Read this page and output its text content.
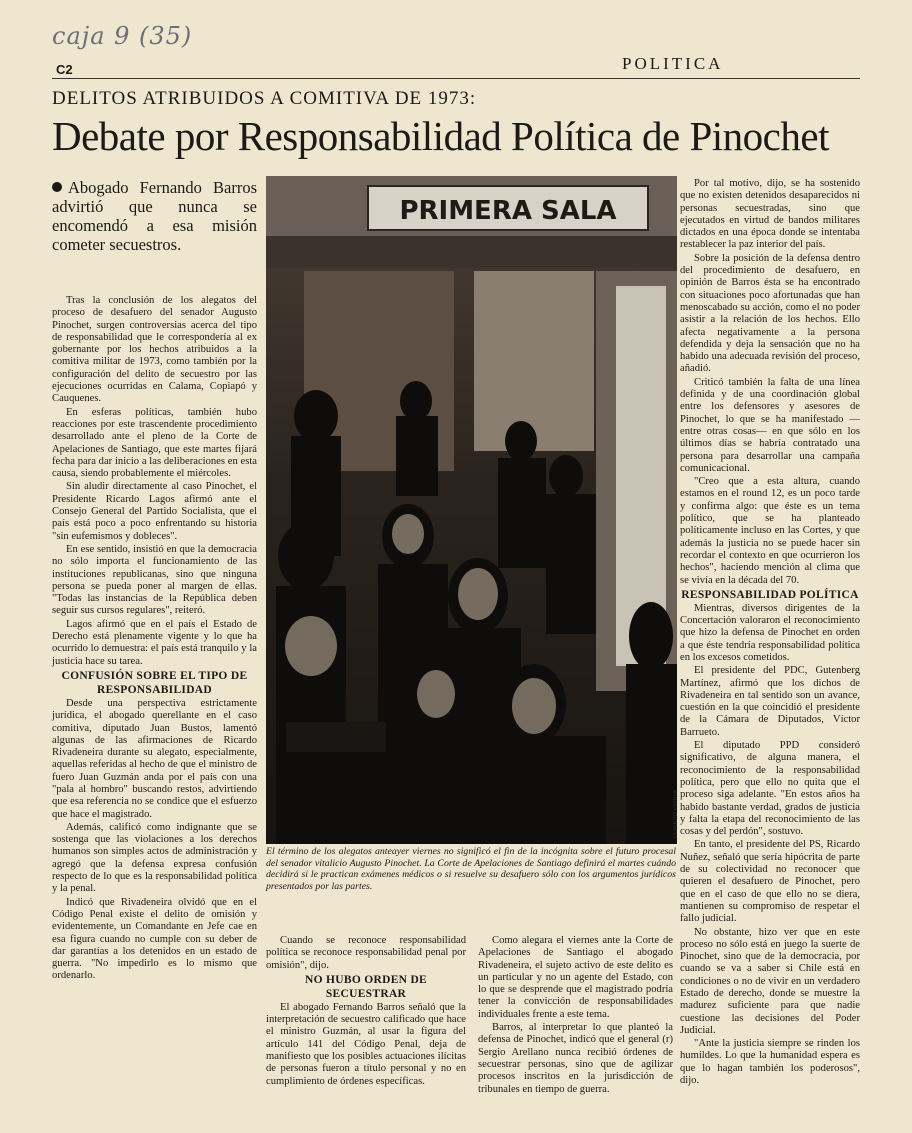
caja 9 (35)
C2	POLITICA
DELITOS ATRIBUIDOS A COMITIVA DE 1973:
Debate por Responsabilidad Política de Pinochet
Abogado Fernando Barros advirtió que nunca se encomendó a esa misión cometer secuestros.

Tras la conclusión de los alegatos del proceso de desafuero del senador Augusto Pinochet, surgen controversias acerca del tipo de responsabilidad que le correspondería al ex gobernante por los hechos atribuidos a la comitiva militar de 1973, como también por la configuración del delito de secuestro por las ejecuciones ocurridas en Calama, Copiapó y Cauquenes.

En esferas políticas, también hubo reacciones por este trascendente procedimiento desarrollado ante el pleno de la Corte de Apelaciones de Santiago, que este martes fijará fecha para dar inicio a las deliberaciones en esta causa, siendo probablemente el miércoles.

Sin aludir directamente al caso Pinochet, el Presidente Ricardo Lagos afirmó ante el Consejo General del Partido Socialista, que el país está poco a poco enfrentando su historia "sin eufemismos y dobleces".

En ese sentido, insistió en que la democracia no sólo importa el funcionamiento de las instituciones republicanas, sino que ninguna persona se pueda poner al margen de ellas. "Todas las instancias de la República deben seguir sus cursos regulares", reiteró.

Lagos afirmó que en el país el Estado de Derecho está plenamente vigente y lo que ha ocurrido lo demuestra: el país está tranquilo y la justicia hace su tarea.

CONFUSIÓN SOBRE EL TIPO DE RESPONSABILIDAD

Desde una perspectiva estrictamente jurídica, el abogado querellante en el caso comitiva, diputado Juan Bustos, lamentó algunas de las afirmaciones de Ricardo Rivadeneira durante su alegato, especialmente, aquellas referidas al hecho de que el ministro de fuero Juan Guzmán anda por el país con una "pala al hombro" buscando restos, advirtiendo que esa referencia no se condice que el esfuerzo que hace el magistrado.

Además, calificó como indignante que se sostenga que las violaciones a los derechos humanos son simples actos de administración y agregó que la defensa expresa confusión respecto de lo que es la responsabilidad política y la penal.

Indicó que Rivadeneira olvidó que en el Código Penal existe el delito de omisión y evidentemente, un Comandante en Jefe cae en esa figura cuando no cumple con su deber de dar garantías a los detenidos en un estado de guerra. "No impedirlo es lo mismo que ordenarlo.

PRIMERA SALA
CLAUDIO PARRA
El término de los alegatos anteayer viernes no significó el fin de la incógnita sobre el futuro procesal del senador vitalicio Augusto Pinochet. La Corte de Apelaciones de Santiago definirá el martes cuándo decidirá si le practican exámenes médicos o si resuelve su desafuero sólo con los argumentos jurídicos presentados por las partes.

Cuando se reconoce responsabilidad política se reconoce responsabilidad penal por omisión", dijo.

NO HUBO ORDEN DE SECUESTRAR

El abogado Fernando Barros señaló que la interpretación de secuestro calificado que hace el ministro Guzmán, al usar la figura del artículo 141 del Código Penal, deja de manifiesto que los posibles actuaciones ilícitas de personas fueron a título personal y no en cumplimiento de órdenes específicas.

Como alegara el viernes ante la Corte de Apelaciones de Santiago el abogado Rivadeneira, el sujeto activo de este delito es un particular y no un agente del Estado, con lo que se desprende que el magistrado podría tener la convicción de responsabilidades individuales frente a este tema.

Barros, al interpretar lo que planteó la defensa de Pinochet, indicó que el general (r) Sergio Arellano nunca recibió órdenes de secuestrar personas, sino que de agilizar procesos inscritos en la jurisdicción de tribunales en tiempo de guerra.

Por tal motivo, dijo, se ha sostenido que no existen detenidos desaparecidos ni personas secuestradas, sino que ejecutados en virtud de bandos militares dictados en una época donde se intentaba restablecer la paz interior del país.

Sobre la posición de la defensa dentro del procedimiento de desafuero, en opinión de Barros ésta se ha encontrado con situaciones poco afortunadas que han menoscabado su acción, como el no poder asistir a la relación de los hechos. Ello afecta negativamente a la persona defendida y deja la sensación que no ha habido una adecuada revisión del proceso, añadió.

Criticó también la falta de una línea definida y de una coordinación global entre los defensores y asesores de Pinochet, lo que se ha manifestado —entre otras cosas— en que sólo en los últimos días se habría contratado una persona para desarrollar una campaña comunicacional.

"Creo que a esta altura, cuando estamos en el round 12, es un poco tarde y confirma algo: que éste es un tema político, que se ha planteado políticamente incluso en las Cortes, y que además la justicia no se puede hacer sin recordar el contexto en que ocurrieron los hechos", haciendo mención al clima que se vivía en la década del 70.

RESPONSABILIDAD POLÍTICA

Mientras, diversos dirigentes de la Concertación valoraron el reconocimiento que hizo la defensa de Pinochet en orden a que éste tendría responsabilidad política en los excesos cometidos.

El presidente del PDC, Gutenberg Martínez, afirmó que los dichos de Rivadeneira en tal sentido son un avance, cuestión en la que coincidió el presidente de la Cámara de Diputados, Víctor Barrueto.

El diputado PPD consideró significativo, de alguna manera, el reconocimiento de la responsabilidad política, pero que ello no quita que el proceso siga adelante. "En estos años ha habido bastante verdad, grados de justicia y falta la etapa del reconocimiento de las cosas y del perdón", sostuvo.

En tanto, el presidente del PS, Ricardo Nuñez, señaló que sería hipócrita de parte de su colectividad no reconocer que quieren el desafuero de Pinochet, pero que en el caso de que ello no se diera, mantienen su compromiso de respetar el fallo judicial.

No obstante, hizo ver que en este proceso no sólo está en juego la suerte de Pinochet, sino que de la democracia, por cuando se va a saber si Chile está en condiciones o no de vivir en un verdadero Estado de derecho, donde se muestre la madurez suficiente para que nadie cuestione las decisiones del Poder Judicial.

"Ante la justicia siempre se rinden los humildes. Lo que la humanidad espera es que lo hagan también los poderosos", dijo.
